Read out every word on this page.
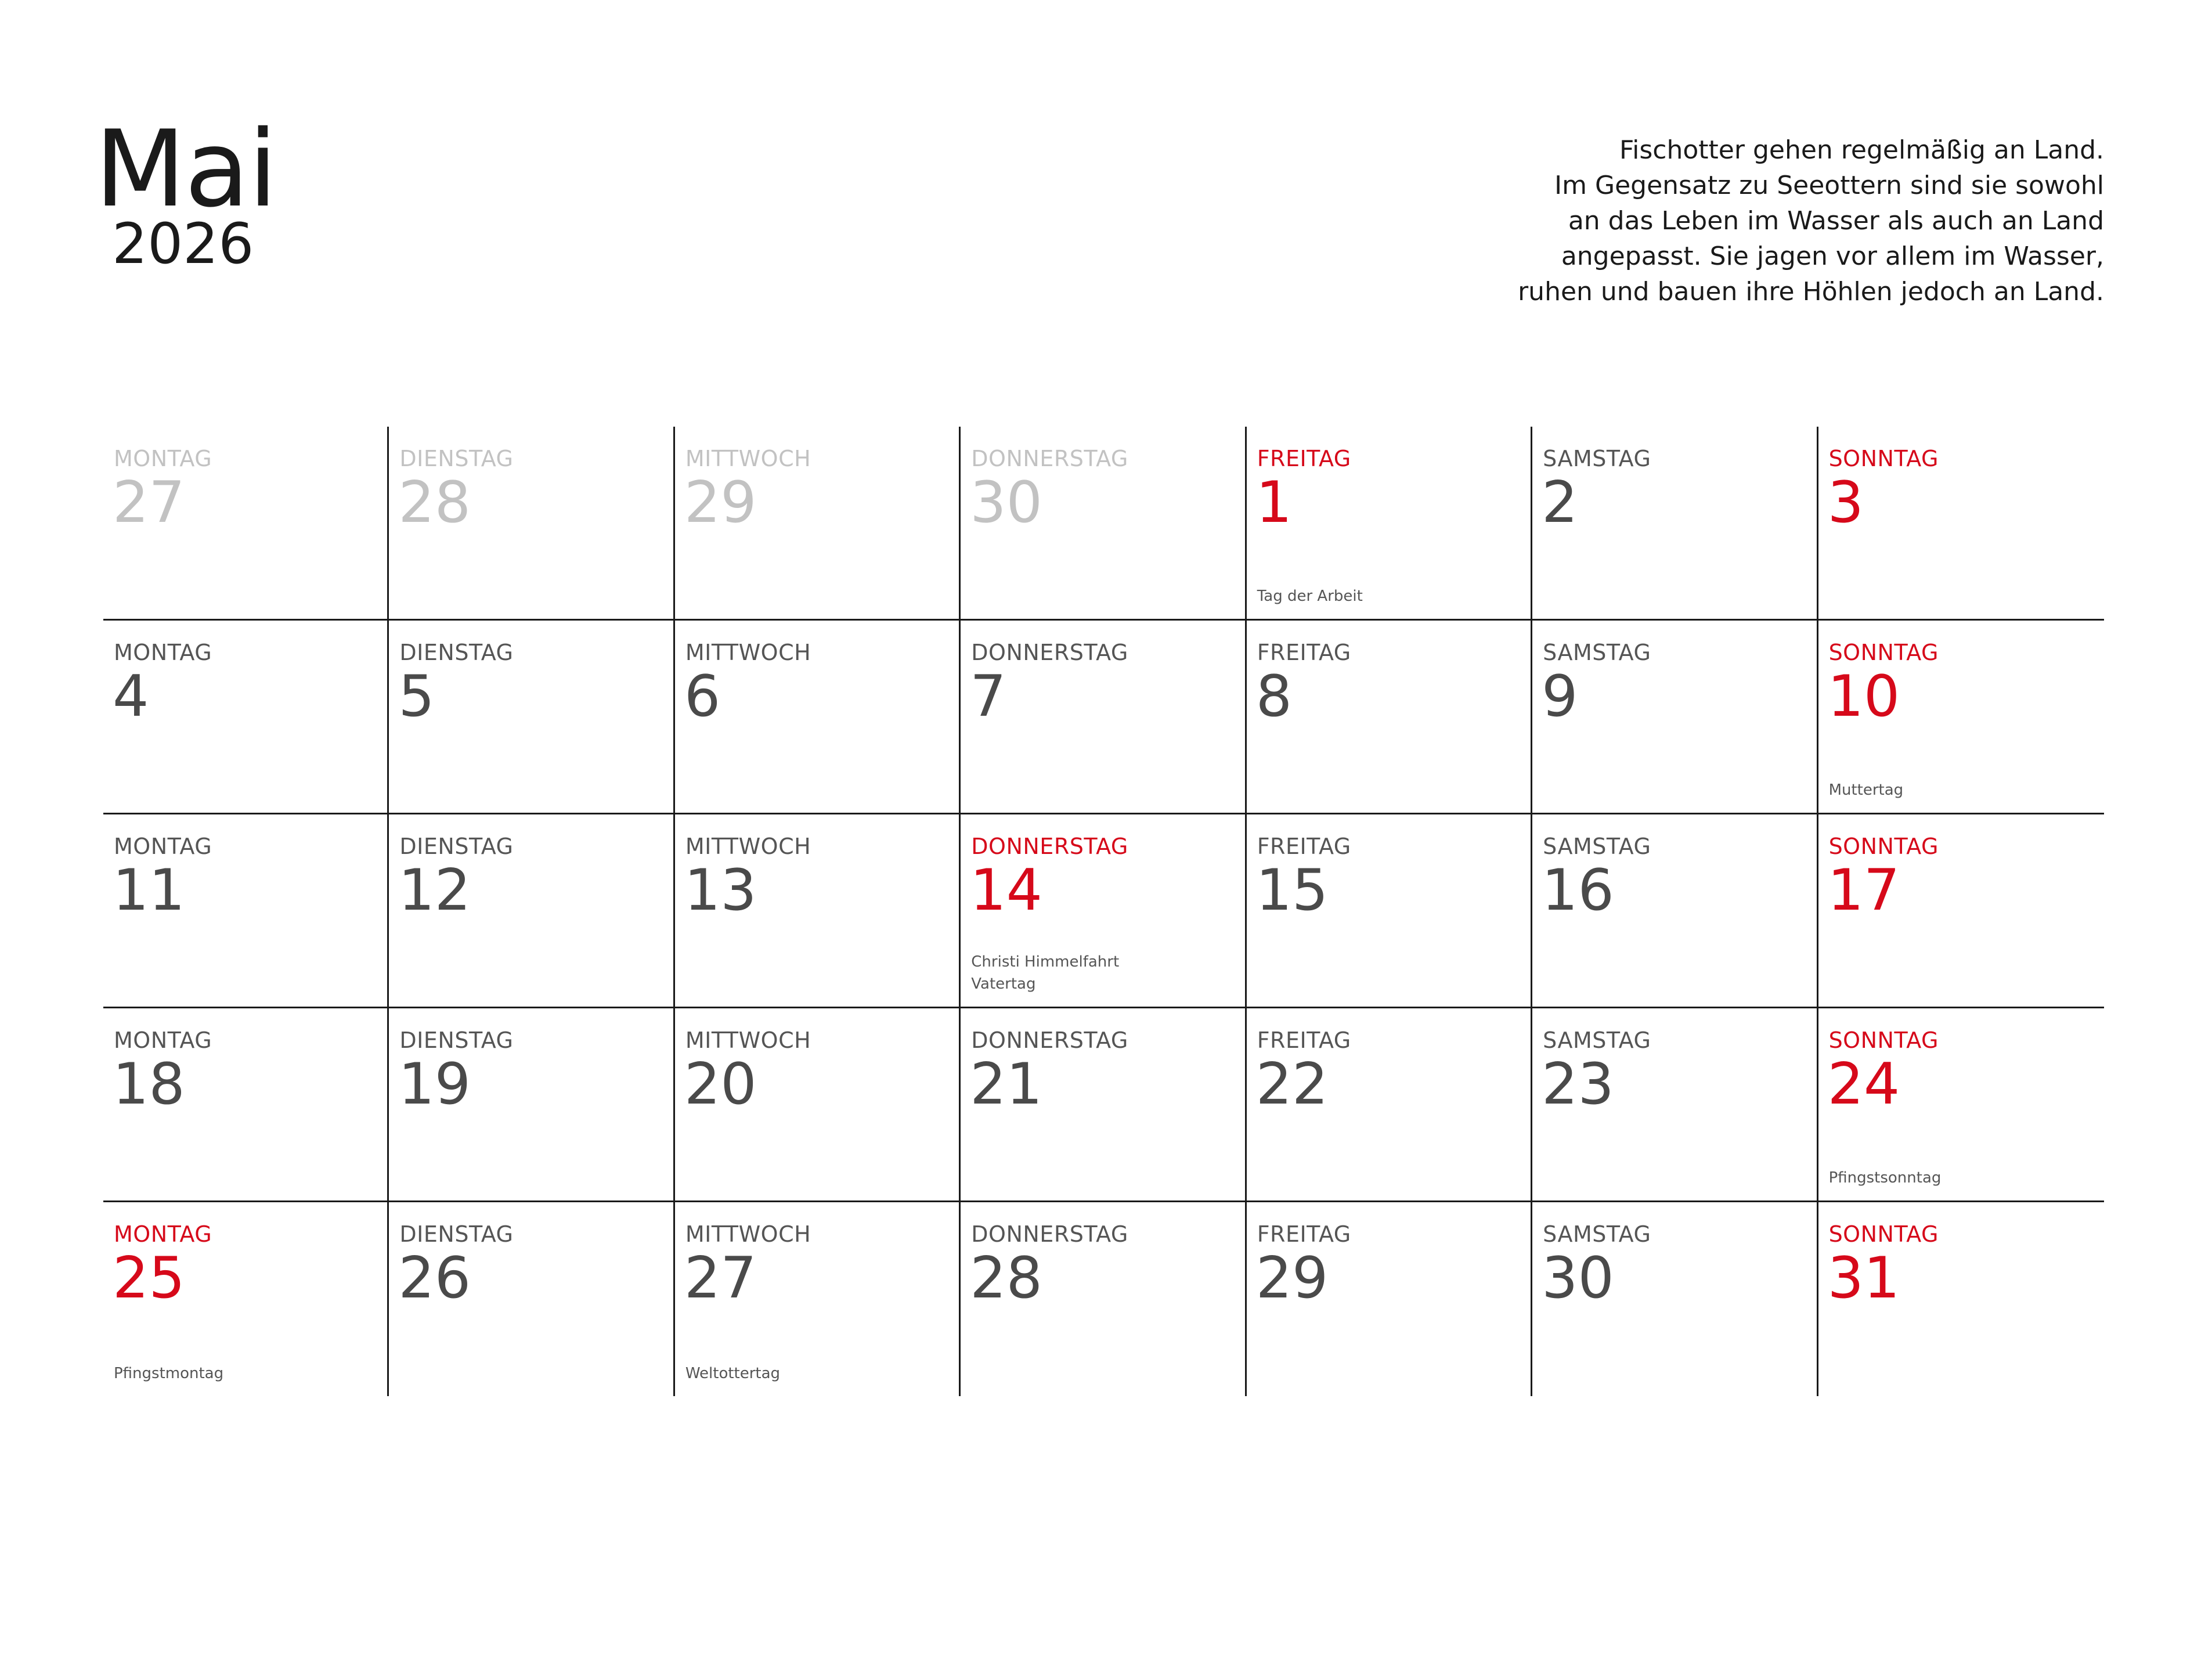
Mai
2026
Fischotter gehen regelmäßig an Land.
Im Gegensatz zu Seeottern sind sie sowohl
an das Leben im Wasser als auch an Land
angepasst. Sie jagen vor allem im Wasser,
ruhen und bauen ihre Höhlen jedoch an Land.
MONTAG
27
DIENSTAG
28
MITTWOCH
29
DONNERSTAG
30
FREITAG
1
Tag der Arbeit
SAMSTAG
2
SONNTAG
3
MONTAG
4
DIENSTAG
5
MITTWOCH
6
DONNERSTAG
7
FREITAG
8
SAMSTAG
9
SONNTAG
10
Muttertag
MONTAG
11
DIENSTAG
12
MITTWOCH
13
DONNERSTAG
14
Christi Himmelfahrt
Vatertag
FREITAG
15
SAMSTAG
16
SONNTAG
17
MONTAG
18
DIENSTAG
19
MITTWOCH
20
DONNERSTAG
21
FREITAG
22
SAMSTAG
23
SONNTAG
24
Pfingstsonntag
MONTAG
25
Pfingstmontag
DIENSTAG
26
MITTWOCH
27
Weltottertag
DONNERSTAG
28
FREITAG
29
SAMSTAG
30
SONNTAG
31
